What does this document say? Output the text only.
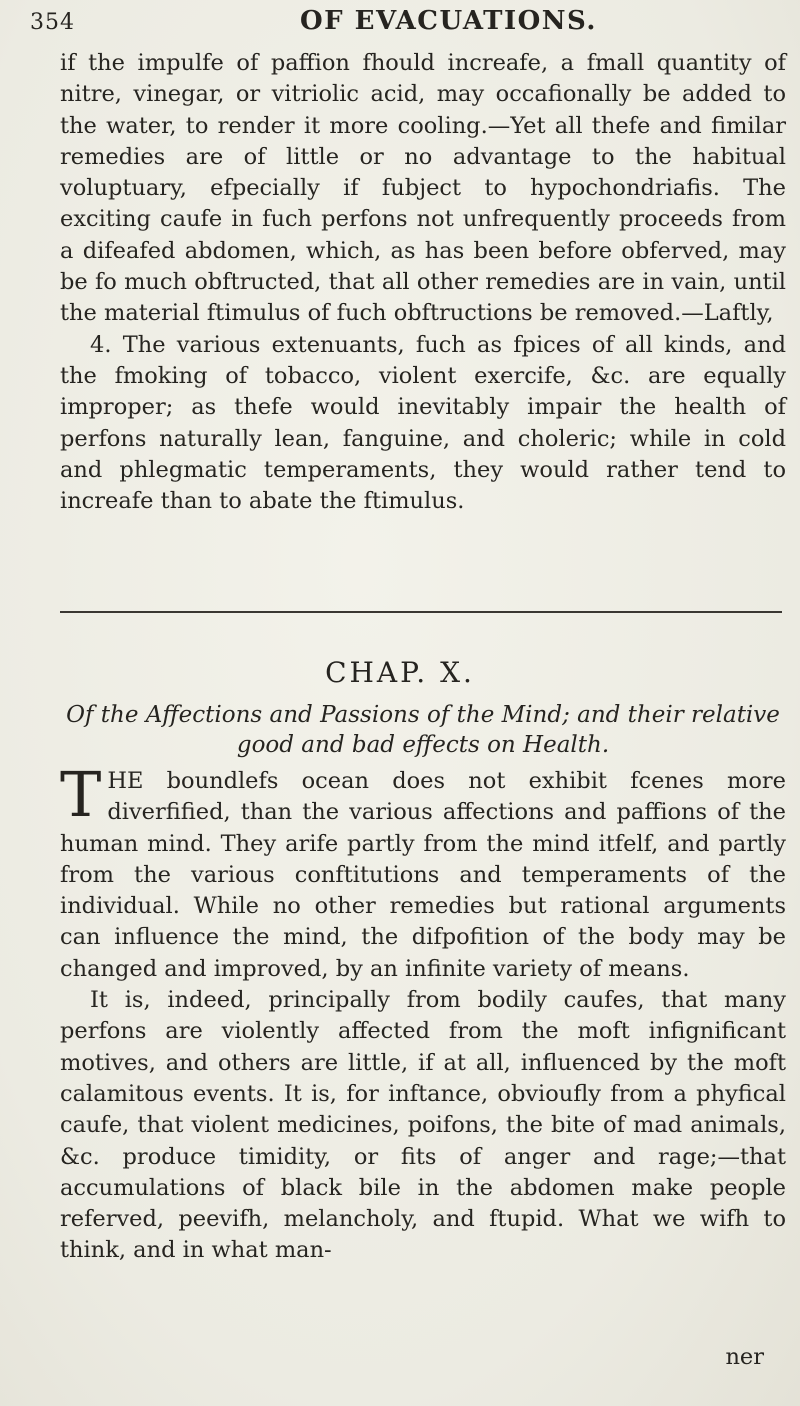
354	OF EVACUATIONS.

if the impulfe of paffion fhould increafe, a fmall quantity of nitre, vinegar, or vitriolic acid, may occafionally be added to the water, to render it more cooling.—Yet all thefe and fimilar remedies are of little or no advantage to the habitual voluptuary, efpecially if fubject to hypochondriafis. The exciting caufe in fuch perfons not unfrequently proceeds from a difeafed abdomen, which, as has been before obferved, may be fo much obftructed, that all other remedies are in vain, until the material ftimulus of fuch obftructions be removed.—Laftly,

4. The various extenuants, fuch as fpices of all kinds, and the fmoking of tobacco, violent exercife, &c. are equally improper; as thefe would inevitably impair the health of perfons naturally lean, fanguine, and choleric; while in cold and phlegmatic temperaments, they would rather tend to increafe than to abate the ftimulus.

CHAP. X.
Of the Affections and Passions of the Mind; and their relative good and bad effects on Health.

THE boundlefs ocean does not exhibit fcenes more diverfified, than the various affections and paffions of the human mind. They arife partly from the mind itfelf, and partly from the various conftitutions and temperaments of the individual. While no other remedies but rational arguments can influence the mind, the difpofition of the body may be changed and improved, by an infinite variety of means.

It is, indeed, principally from bodily caufes, that many perfons are violently affected from the moft infignificant motives, and others are little, if at all, influenced by the moft calamitous events. It is, for inftance, obvioufly from a phyfical caufe, that violent medicines, poifons, the bite of mad animals, &c. produce timidity, or fits of anger and rage;—that accumulations of black bile in the abdomen make people referved, peevifh, melancholy, and ftupid. What we wifh to think, and in what man-

ner
